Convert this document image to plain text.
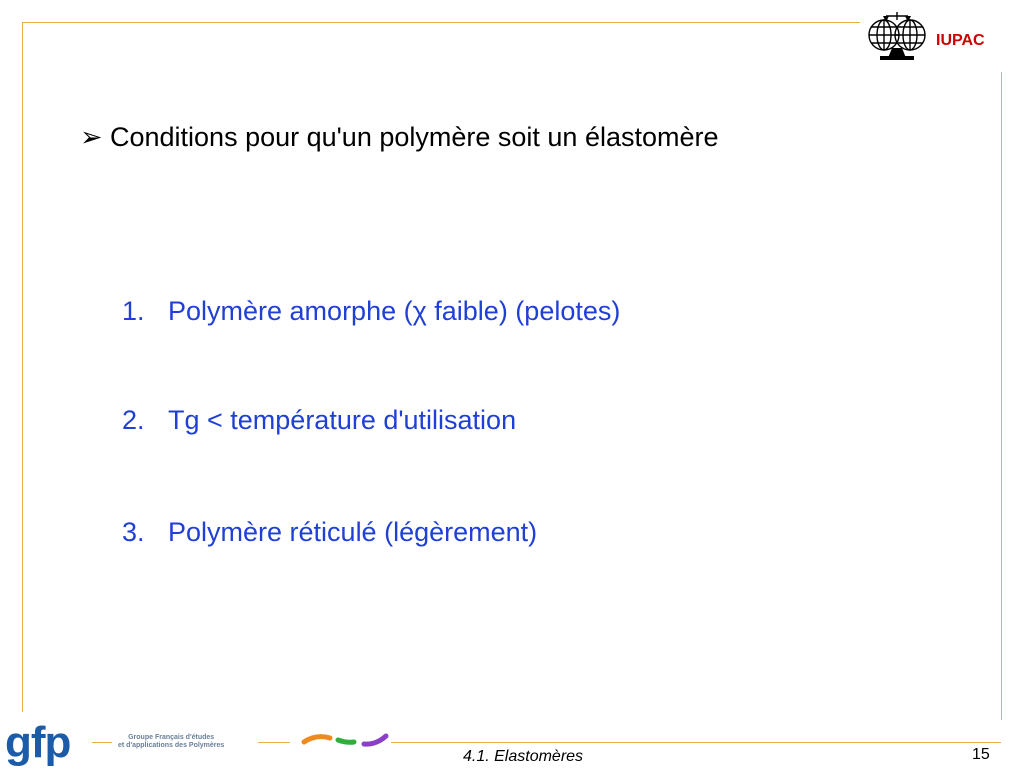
IUPAC
➢ Conditions pour qu'un polymère soit un élastomère
1. Polymère amorphe (χ faible) (pelotes)
2. Tg < température d'utilisation
3. Polymère réticulé (légèrement)
gfp	Groupe Français d'études
et d'applications des Polymères
4.1. Elastomères	15
